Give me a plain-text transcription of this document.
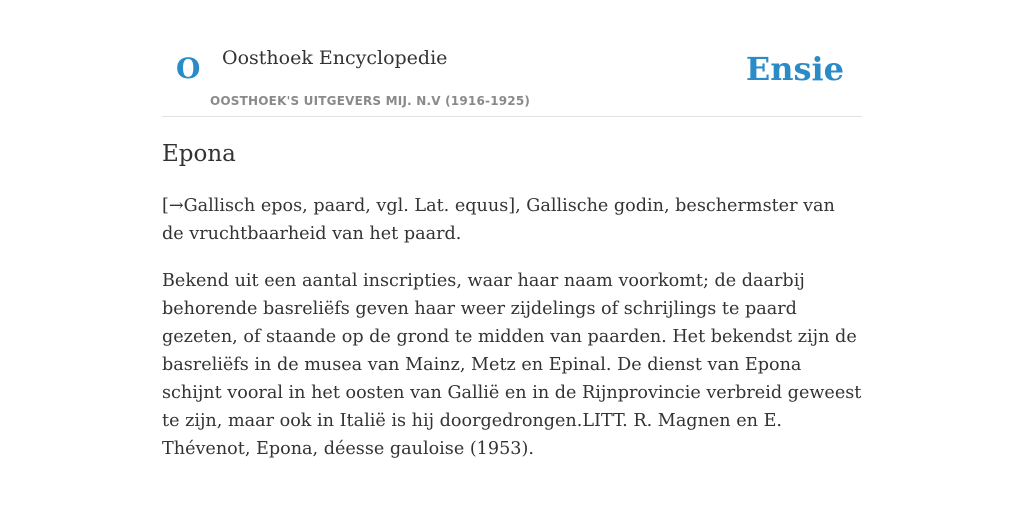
O Oosthoek Encyclopedie
OOSTHOEK'S UITGEVERS MIJ. N.V (1916-1925)
Ensie
Epona

[→Gallisch epos, paard, vgl. Lat. equus], Gallische godin, beschermster van de vruchtbaarheid van het paard.

Bekend uit een aantal inscripties, waar haar naam voorkomt; de daarbij behorende basreliëfs geven haar weer zijdelings of schrijlings te paard gezeten, of staande op de grond te midden van paarden. Het bekendst zijn de basreliëfs in de musea van Mainz, Metz en Epinal. De dienst van Epona schijnt vooral in het oosten van Gallië en in de Rijnprovincie verbreid geweest te zijn, maar ook in Italië is hij doorgedrongen.LITT. R. Magnen en E. Thévenot, Epona, déesse gauloise (1953).
